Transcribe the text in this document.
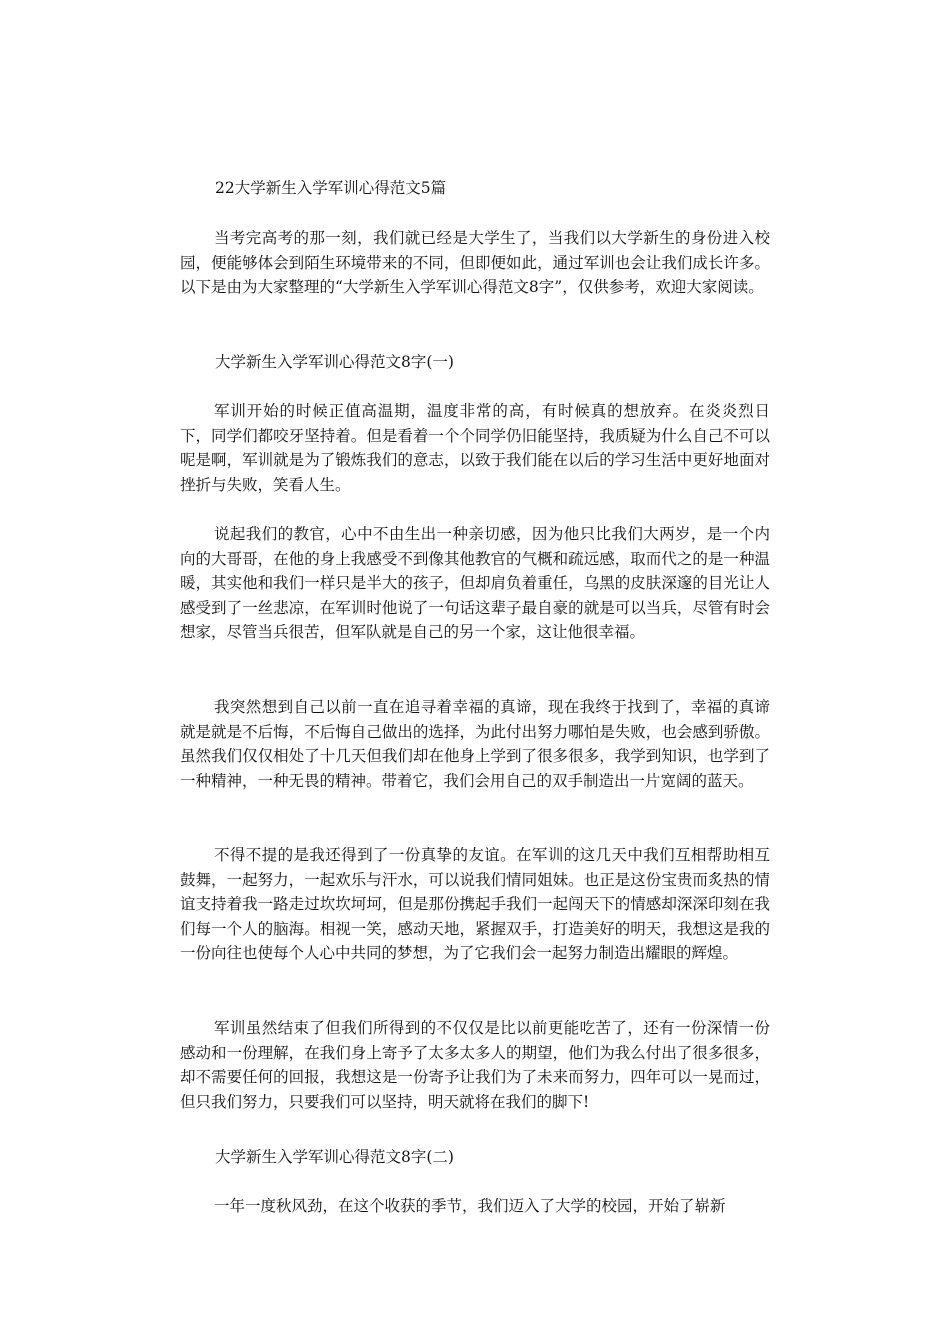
22大学新生入学军训心得范文5篇

当考完高考的那一刻，我们就已经是大学生了，当我们以大学新生的身份进入校园，便能够体会到陌生环境带来的不同，但即便如此，通过军训也会让我们成长许多。以下是由为大家整理的“大学新生入学军训心得范文8字”，仅供参考，欢迎大家阅读。

大学新生入学军训心得范文8字(一)

军训开始的时候正值高温期，温度非常的高，有时候真的想放弃。在炎炎烈日下，同学们都咬牙坚持着。但是看着一个个同学仍旧能坚持，我质疑为什么自己不可以呢是啊，军训就是为了锻炼我们的意志，以致于我们能在以后的学习生活中更好地面对挫折与失败，笑看人生。

说起我们的教官，心中不由生出一种亲切感，因为他只比我们大两岁，是一个内向的大哥哥，在他的身上我感受不到像其他教官的气概和疏远感，取而代之的是一种温暖，其实他和我们一样只是半大的孩子，但却肩负着重任，乌黑的皮肤深邃的目光让人感受到了一丝悲凉，在军训时他说了一句话这辈子最自豪的就是可以当兵，尽管有时会想家，尽管当兵很苦，但军队就是自己的另一个家，这让他很幸福。

我突然想到自己以前一直在追寻着幸福的真谛，现在我终于找到了，幸福的真谛就是就是不后悔，不后悔自己做出的选择，为此付出努力哪怕是失败，也会感到骄傲。虽然我们仅仅相处了十几天但我们却在他身上学到了很多很多，我学到知识，也学到了一种精神，一种无畏的精神。带着它，我们会用自己的双手制造出一片宽阔的蓝天。

不得不提的是我还得到了一份真挚的友谊。在军训的这几天中我们互相帮助相互鼓舞，一起努力，一起欢乐与汗水，可以说我们情同姐妹。也正是这份宝贵而炙热的情谊支持着我一路走过坎坎坷坷，但是那份携起手我们一起闯天下的情感却深深印刻在我们每一个人的脑海。相视一笑，感动天地，紧握双手，打造美好的明天，我想这是我的一份向往也使每个人心中共同的梦想，为了它我们会一起努力制造出耀眼的辉煌。

军训虽然结束了但我们所得到的不仅仅是比以前更能吃苦了，还有一份深情一份感动和一份理解，在我们身上寄予了太多太多人的期望，他们为我么付出了很多很多，却不需要任何的回报，我想这是一份寄予让我们为了未来而努力，四年可以一晃而过，但只我们努力，只要我们可以坚持，明天就将在我们的脚下!

大学新生入学军训心得范文8字(二)

一年一度秋风劲，在这个收获的季节，我们迈入了大学的校园，开始了崭新
